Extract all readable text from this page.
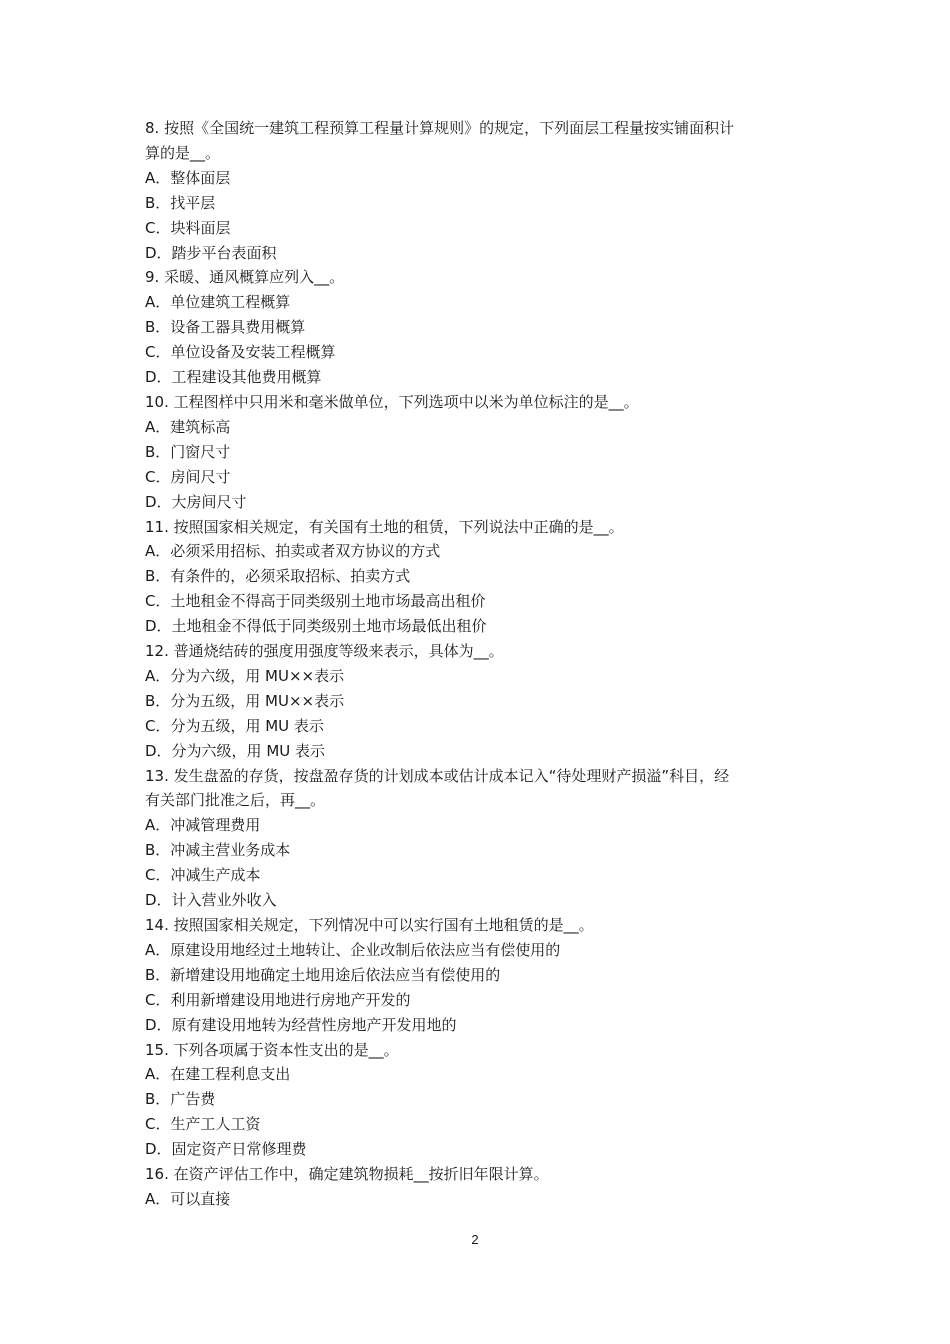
8. 按照《全国统一建筑工程预算工程量计算规则》的规定，下列面层工程量按实铺面积计

算的是__。

A．整体面层

B．找平层

C．块料面层

D．踏步平台表面积

9. 采暖、通风概算应列入__。

A．单位建筑工程概算

B．设备工器具费用概算

C．单位设备及安装工程概算

D．工程建设其他费用概算

10. 工程图样中只用米和毫米做单位，下列选项中以米为单位标注的是__。

A．建筑标高

B．门窗尺寸

C．房间尺寸

D．大房间尺寸

11. 按照国家相关规定，有关国有土地的租赁，下列说法中正确的是__。

A．必须采用招标、拍卖或者双方协议的方式

B．有条件的，必须采取招标、拍卖方式

C．土地租金不得高于同类级别土地市场最高出租价

D．土地租金不得低于同类级别土地市场最低出租价

12. 普通烧结砖的强度用强度等级来表示，具体为__。

A．分为六级，用 MU××表示

B．分为五级，用 MU××表示

C．分为五级，用 MU 表示

D．分为六级，用 MU 表示

13. 发生盘盈的存货，按盘盈存货的计划成本或估计成本记入“待处理财产损溢”科目，经

有关部门批准之后，再__。

A．冲减管理费用

B．冲减主营业务成本

C．冲减生产成本

D．计入营业外收入

14. 按照国家相关规定，下列情况中可以实行国有土地租赁的是__。

A．原建设用地经过土地转让、企业改制后依法应当有偿使用的

B．新增建设用地确定土地用途后依法应当有偿使用的

C．利用新增建设用地进行房地产开发的

D．原有建设用地转为经营性房地产开发用地的

15. 下列各项属于资本性支出的是__。

A．在建工程利息支出

B．广告费

C．生产工人工资

D．固定资产日常修理费

16. 在资产评估工作中，确定建筑物损耗__按折旧年限计算。

A．可以直接

2
